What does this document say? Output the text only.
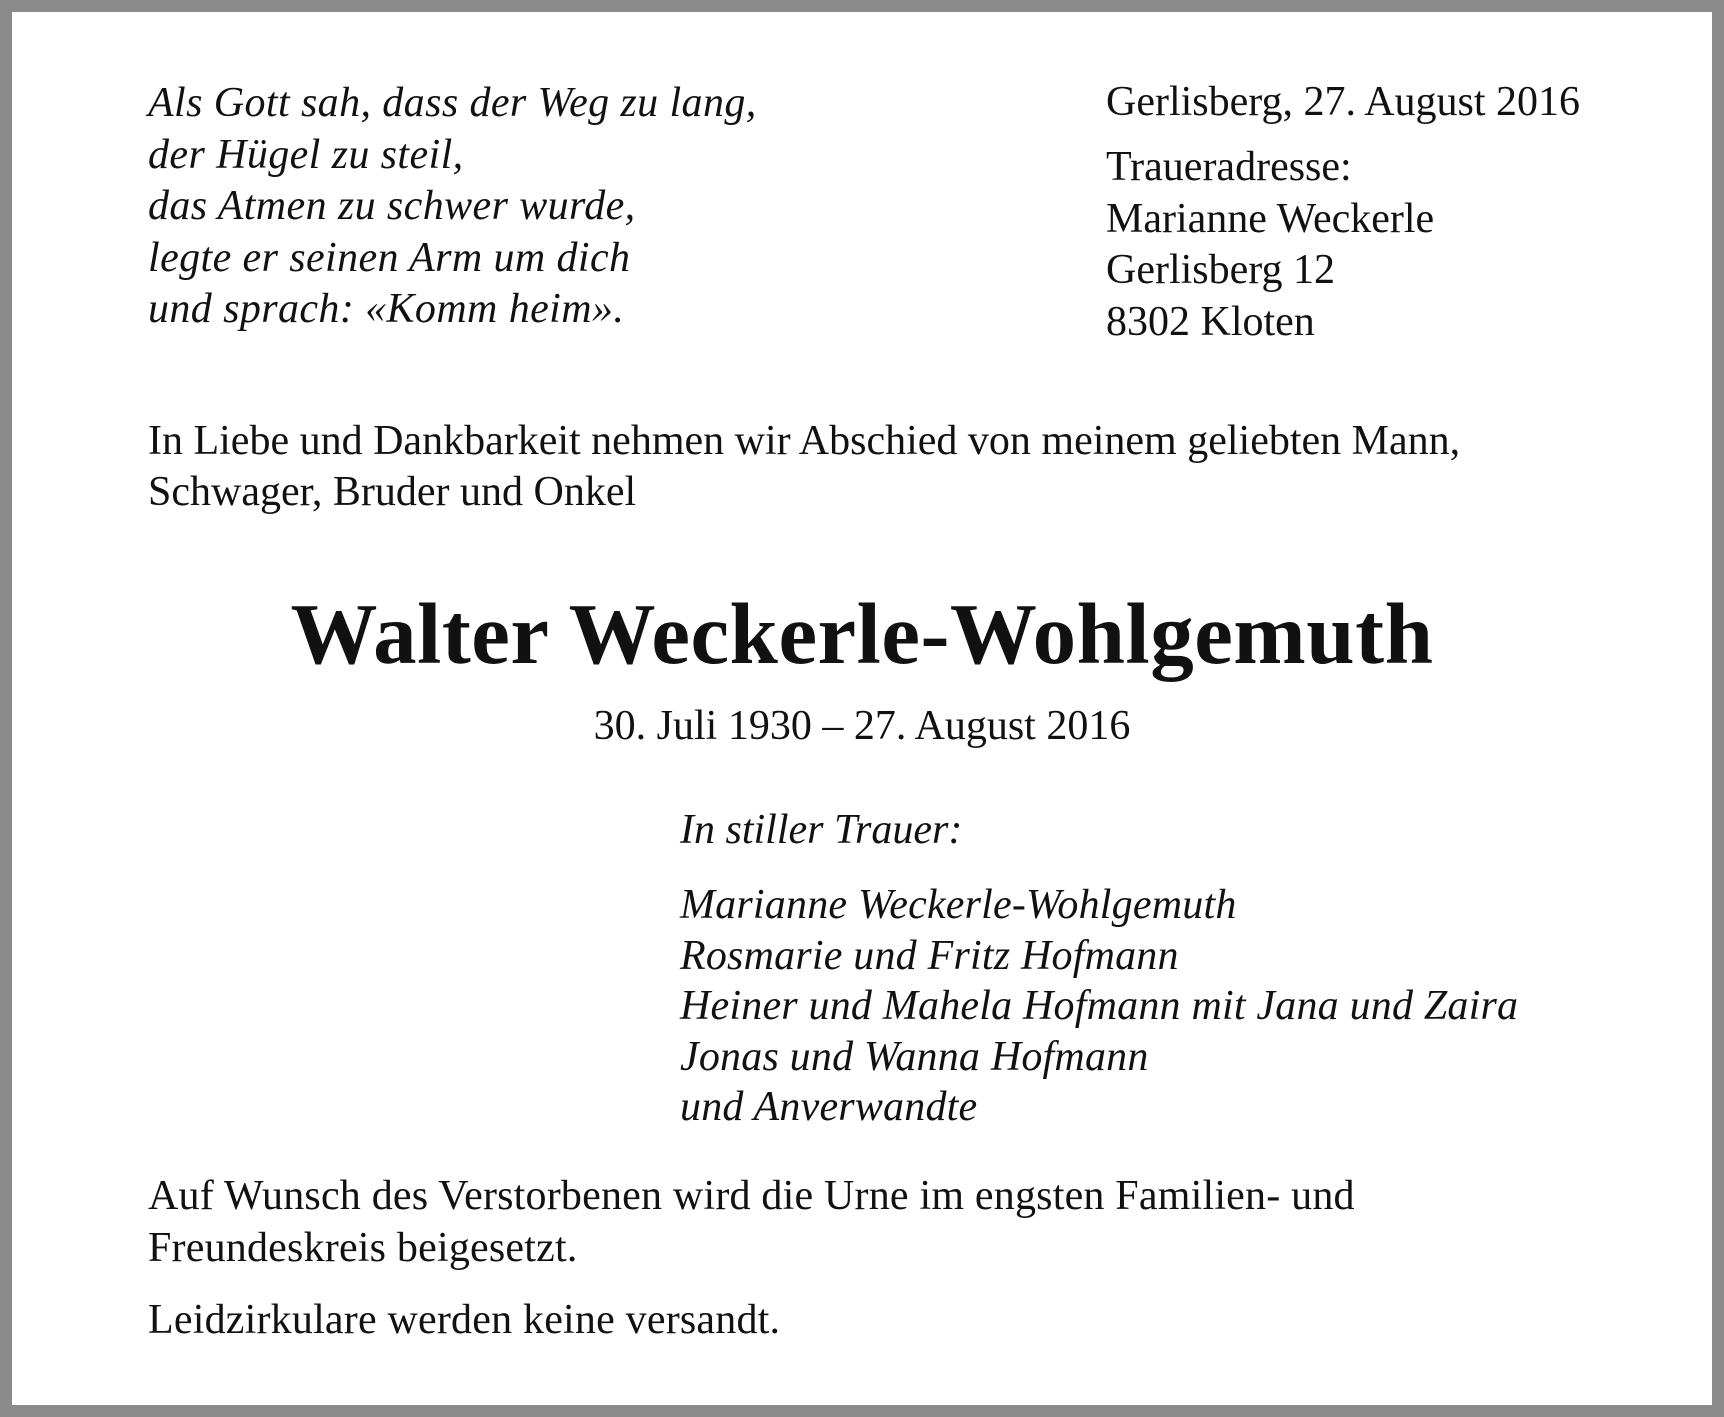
Als Gott sah, dass der Weg zu lang,
der Hügel zu steil,
das Atmen zu schwer wurde,
legte er seinen Arm um dich
und sprach: «Komm heim».
Gerlisberg, 27. August 2016
Traueradresse:
Marianne Weckerle
Gerlisberg 12
8302 Kloten
In Liebe und Dankbarkeit nehmen wir Abschied von meinem geliebten Mann,
Schwager, Bruder und Onkel
Walter Weckerle-Wohlgemuth
30. Juli 1930 – 27. August 2016
In stiller Trauer:
Marianne Weckerle-Wohlgemuth
Rosmarie und Fritz Hofmann
Heiner und Mahela Hofmann mit Jana und Zaira
Jonas und Wanna Hofmann
und Anverwandte
Auf Wunsch des Verstorbenen wird die Urne im engsten Familien- und
Freundeskreis beigesetzt.
Leidzirkulare werden keine versandt.
